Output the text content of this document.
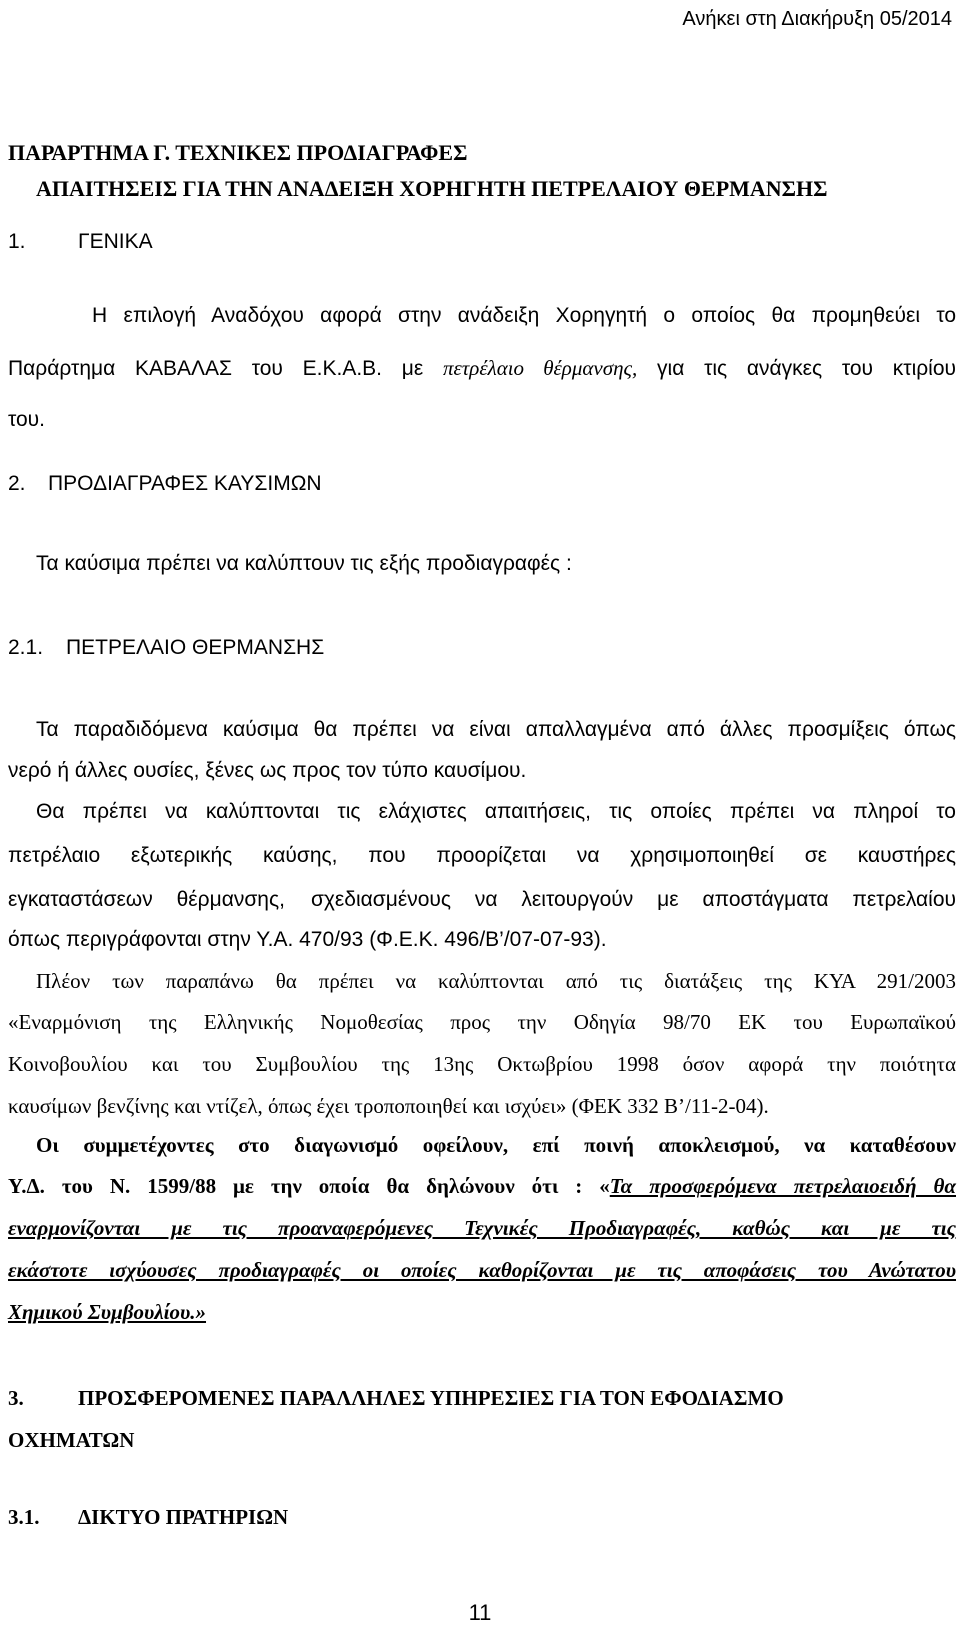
Ανήκει στη Διακήρυξη 05/2014
ΠΑΡΑΡΤΗΜΑ Γ. ΤΕΧΝΙΚΕΣ ΠΡΟΔΙΑΓΡΑΦΕΣ
ΑΠΑΙΤΗΣΕΙΣ ΓΙΑ ΤΗΝ ΑΝΑΔΕΙΞΗ ΧΟΡΗΓΗΤΗ ΠΕΤΡΕΛΑΙΟΥ ΘΕΡΜΑΝΣΗΣ
1. ΓΕΝΙΚΑ
Η επιλογή Αναδόχου αφορά στην ανάδειξη Χορηγητή ο οποίος θα προμηθεύει το
Παράρτημα ΚΑΒΑΛΑΣ του Ε.Κ.Α.Β. με πετρέλαιο θέρμανσης, για τις ανάγκες του κτιρίου
του.
2. ΠΡΟΔΙΑΓΡΑΦΕΣ ΚΑΥΣΙΜΩΝ
Τα καύσιμα πρέπει να καλύπτουν τις εξής προδιαγραφές :
2.1. ΠΕΤΡΕΛΑΙΟ ΘΕΡΜΑΝΣΗΣ
Τα παραδιδόμενα καύσιμα θα πρέπει να είναι απαλλαγμένα από άλλες προσμίξεις όπως
νερό ή άλλες ουσίες, ξένες ως προς τον τύπο καυσίμου.
Θα πρέπει να καλύπτονται τις ελάχιστες απαιτήσεις, τις οποίες πρέπει να πληροί το
πετρέλαιο εξωτερικής καύσης, που προορίζεται να χρησιμοποιηθεί σε καυστήρες
εγκαταστάσεων θέρμανσης, σχεδιασμένους να λειτουργούν με αποστάγματα πετρελαίου
όπως περιγράφονται στην Υ.Α. 470/93 (Φ.Ε.Κ. 496/Β’/07-07-93).
Πλέον των παραπάνω θα πρέπει να καλύπτονται από τις διατάξεις της ΚΥΑ 291/2003
«Εναρμόνιση της Ελληνικής Νομοθεσίας προς την Οδηγία 98/70 ΕΚ του Ευρωπαϊκού
Κοινοβουλίου και του Συμβουλίου της 13ης Οκτωβρίου 1998 όσον αφορά την ποιότητα
καυσίμων βενζίνης και ντίζελ, όπως έχει τροποποιηθεί και ισχύει» (ΦΕΚ 332 Β’/11-2-04).
Οι συμμετέχοντες στο διαγωνισμό οφείλουν, επί ποινή αποκλεισμού, να καταθέσουν
Υ.Δ. του Ν. 1599/88 με την οποία θα δηλώνουν ότι : «Τα προσφερόμενα πετρελαιοειδή θα
εναρμονίζονται με τις προαναφερόμενες Τεχνικές Προδιαγραφές, καθώς και με τις
εκάστοτε ισχύουσες προδιαγραφές οι οποίες καθορίζονται με τις αποφάσεις του Ανώτατου
Χημικού Συμβουλίου.»
3.	ΠΡΟΣΦΕΡΟΜΕΝΕΣ ΠΑΡΑΛΛΗΛΕΣ ΥΠΗΡΕΣΙΕΣ ΓΙΑ ΤΟΝ ΕΦΟΔΙΑΣΜΟ
ΟΧΗΜΑΤΩΝ
3.1. ΔΙΚΤΥΟ ΠΡΑΤΗΡΙΩΝ
11
